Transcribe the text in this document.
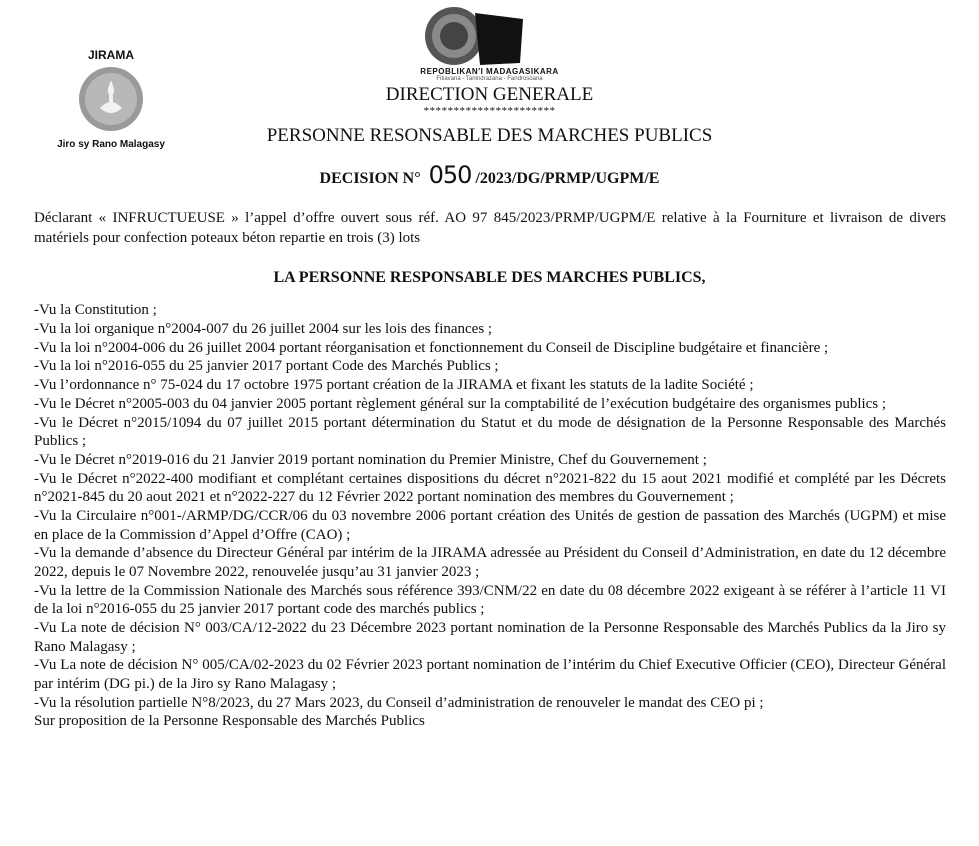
JIRAMA
Jiro sy Rano Malagasy
REPOBLIKAN'I MADAGASIKARA
Fitiavana - Tanindrazana - Fandrosoana
DIRECTION GENERALE
**********************
PERSONNE RESONSABLE DES MARCHES PUBLICS
DECISION N° 050 /2023/DG/PRMP/UGPM/E
Déclarant « INFRUCTUEUSE » l’appel d’offre ouvert sous réf. AO 97 845/2023/PRMP/UGPM/E relative à la Fourniture et livraison de divers matériels pour confection poteaux béton repartie en trois (3) lots
LA PERSONNE RESPONSABLE DES MARCHES PUBLICS,
-Vu la Constitution ;
-Vu la loi organique n°2004-007 du 26 juillet 2004 sur les lois des finances ;
-Vu la loi n°2004-006 du 26 juillet 2004 portant réorganisation et fonctionnement du Conseil de Discipline budgétaire et financière ;
-Vu la loi n°2016-055 du 25 janvier 2017 portant Code des Marchés Publics ;
-Vu l’ordonnance n° 75-024 du 17 octobre 1975 portant création de la JIRAMA et fixant les statuts de la ladite Société ;
-Vu le Décret n°2005-003 du 04 janvier 2005 portant règlement général sur la comptabilité de l’exécution budgétaire des organismes publics ;
-Vu le Décret n°2015/1094 du 07 juillet 2015 portant détermination du Statut et du mode de désignation de la Personne Responsable des Marchés Publics ;
-Vu le Décret n°2019-016 du 21 Janvier 2019 portant nomination du Premier Ministre, Chef du Gouvernement ;
-Vu le Décret n°2022-400 modifiant et complétant certaines dispositions du décret n°2021-822 du 15 aout 2021 modifié et complété par les Décrets n°2021-845 du 20 aout 2021 et n°2022-227 du 12 Février 2022 portant nomination des membres du Gouvernement ;
-Vu la Circulaire n°001-/ARMP/DG/CCR/06 du 03 novembre 2006 portant création des Unités de gestion de passation des Marchés (UGPM) et mise en place de la Commission d’Appel d’Offre (CAO) ;
-Vu la demande d’absence du Directeur Général par intérim de la JIRAMA adressée au Président du Conseil d’Administration, en date du 12 décembre 2022, depuis le 07 Novembre 2022, renouvelée jusqu’au 31 janvier 2023 ;
-Vu la lettre de la Commission Nationale des Marchés sous référence 393/CNM/22 en date du 08 décembre 2022 exigeant à se référer à l’article 11 VI de la loi n°2016-055 du 25 janvier 2017 portant code des marchés publics ;
-Vu La note de décision N° 003/CA/12-2022 du 23 Décembre 2023 portant nomination de la Personne Responsable des Marchés Publics da la Jiro sy Rano Malagasy ;
-Vu La note de décision N° 005/CA/02-2023 du 02 Février 2023 portant nomination de l’intérim du Chief Executive Officier (CEO), Directeur Général par intérim (DG pi.) de la Jiro sy Rano Malagasy ;
-Vu la résolution partielle N°8/2023, du 27 Mars 2023, du Conseil d’administration de renouveler le mandat des CEO pi ;
Sur proposition de la Personne Responsable des Marchés Publics
